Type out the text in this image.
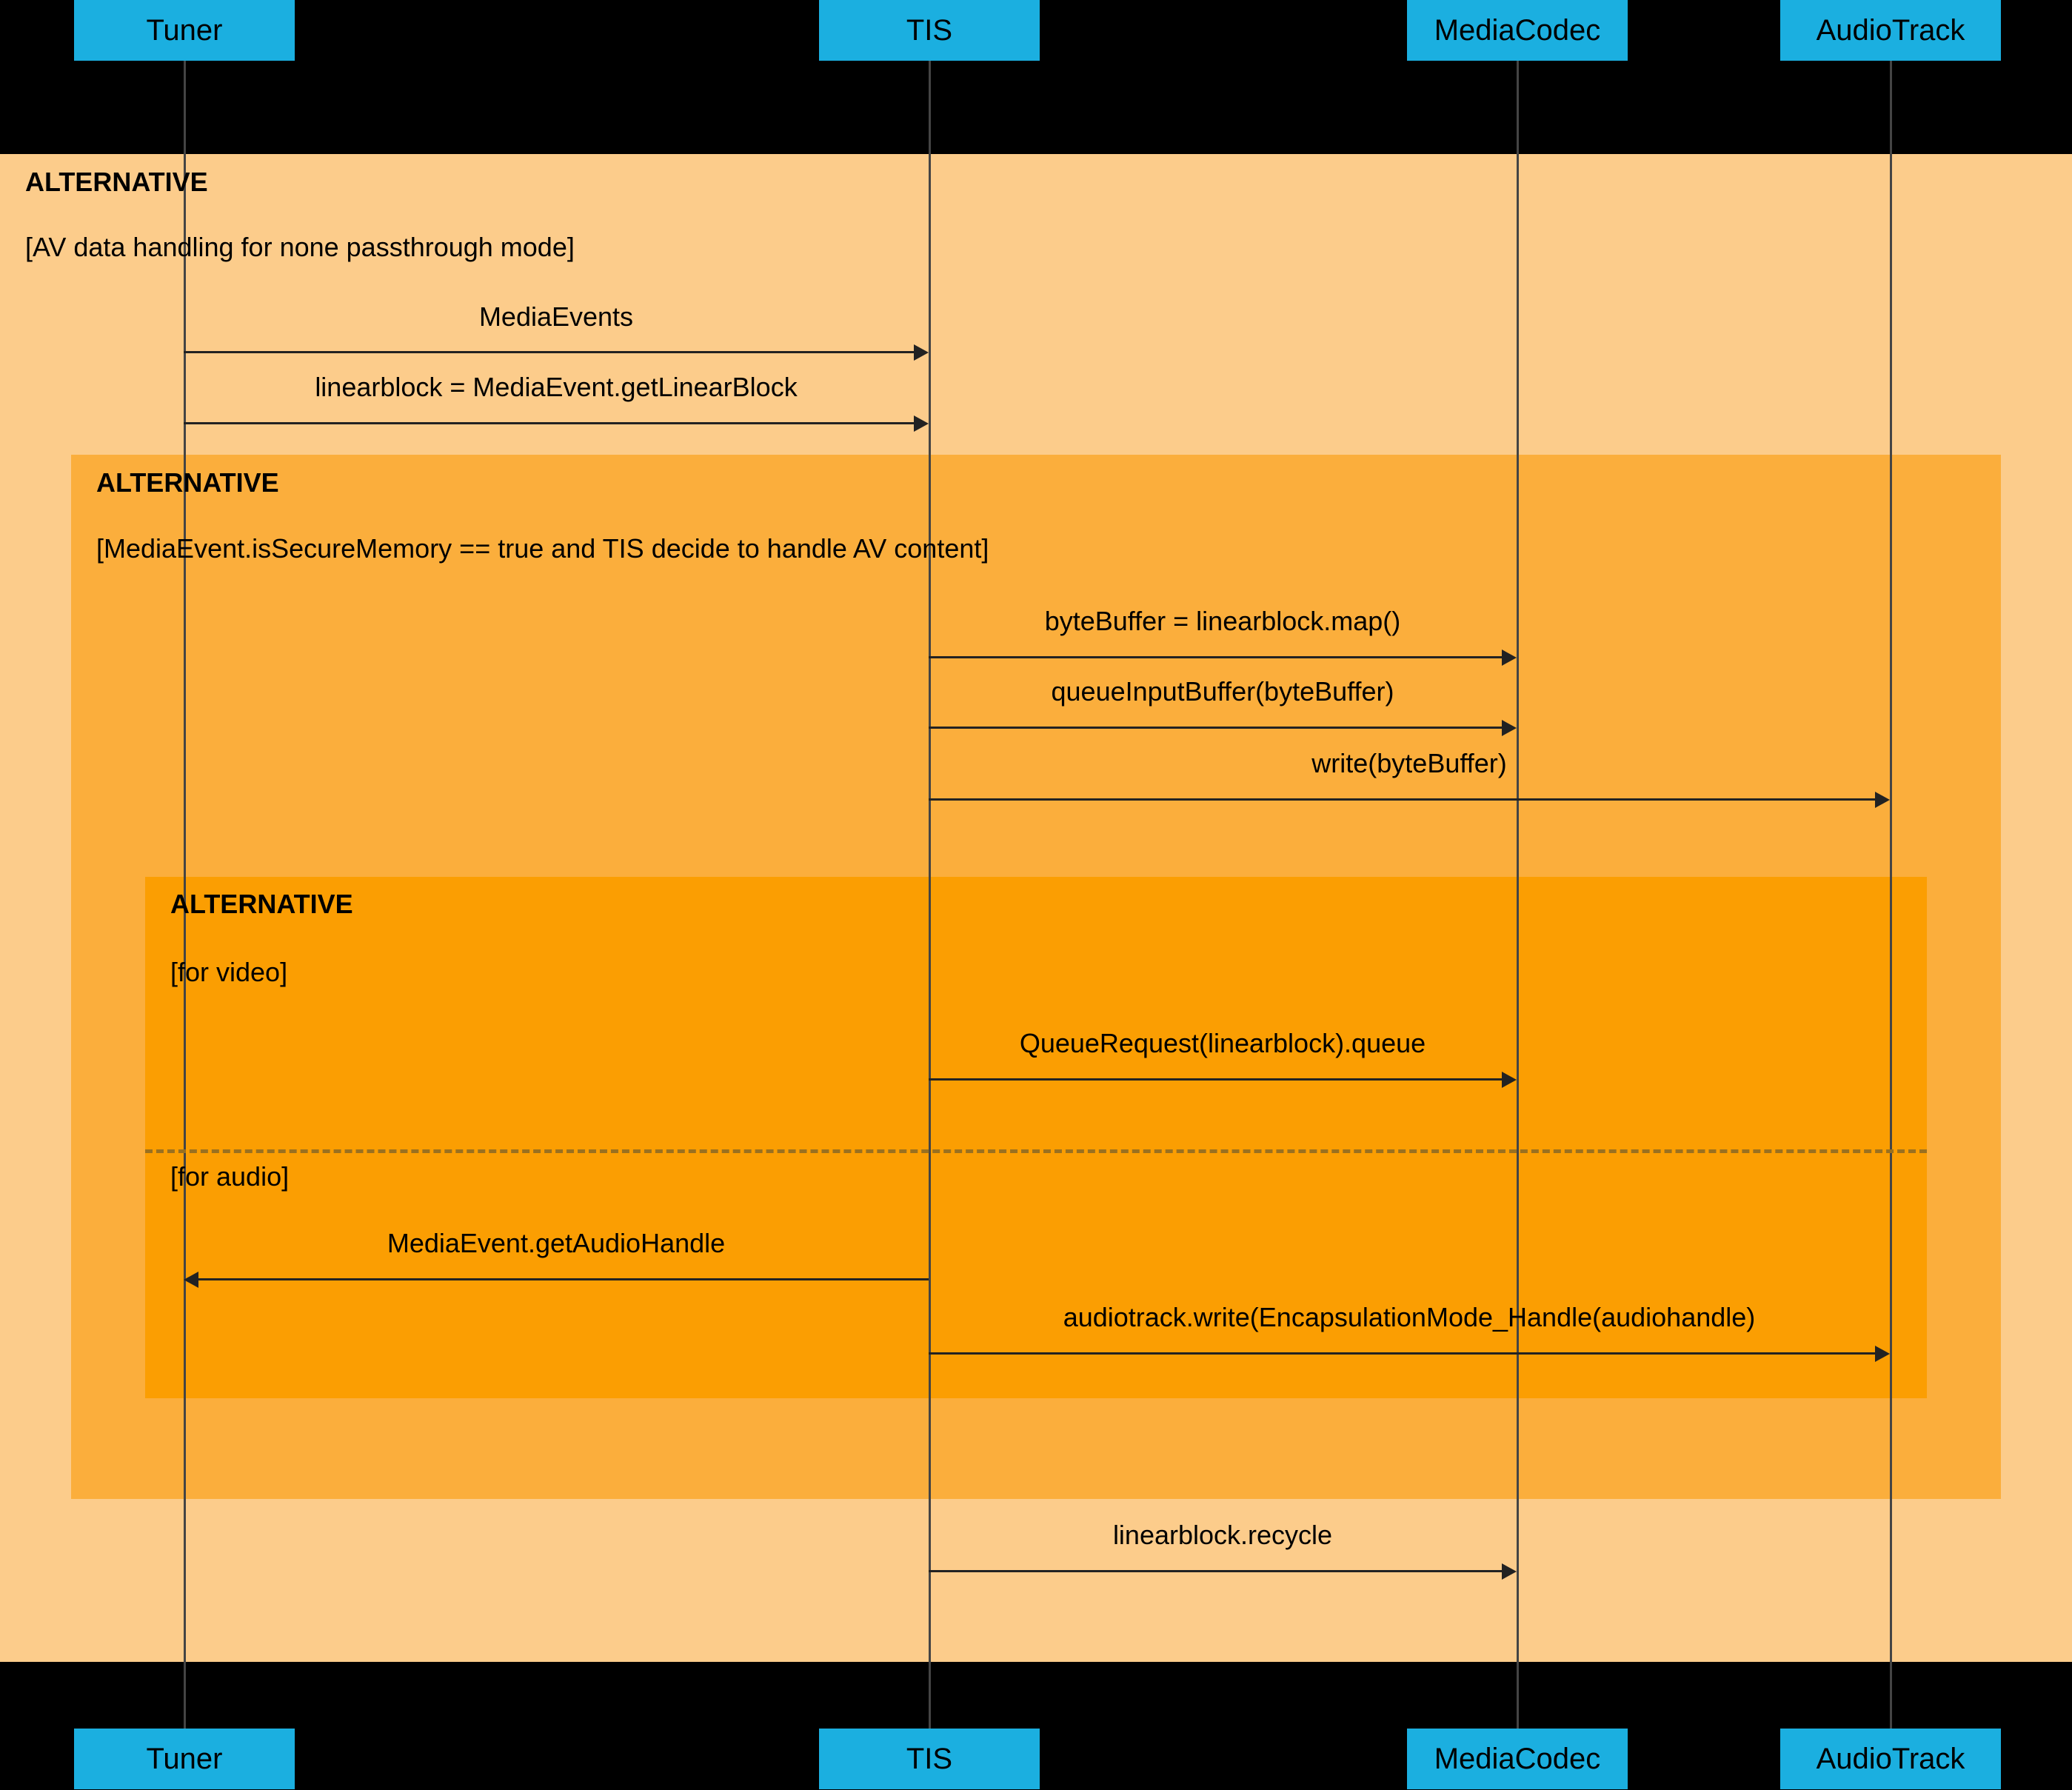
Tuner	TIS	MediaCodec	AudioTrack
Tuner	TIS	MediaCodec	AudioTrack
ALTERNATIVE
[AV data handling for none passthrough mode]
ALTERNATIVE
[MediaEvent.isSecureMemory == true and TIS decide to handle AV content]
ALTERNATIVE
[for video]
[for audio]
MediaEvents
linearblock = MediaEvent.getLinearBlock
byteBuffer = linearblock.map()
queueInputBuffer(byteBuffer)
write(byteBuffer)
QueueRequest(linearblock).queue
MediaEvent.getAudioHandle
audiotrack.write(EncapsulationMode_Handle(audiohandle)
linearblock.recycle
